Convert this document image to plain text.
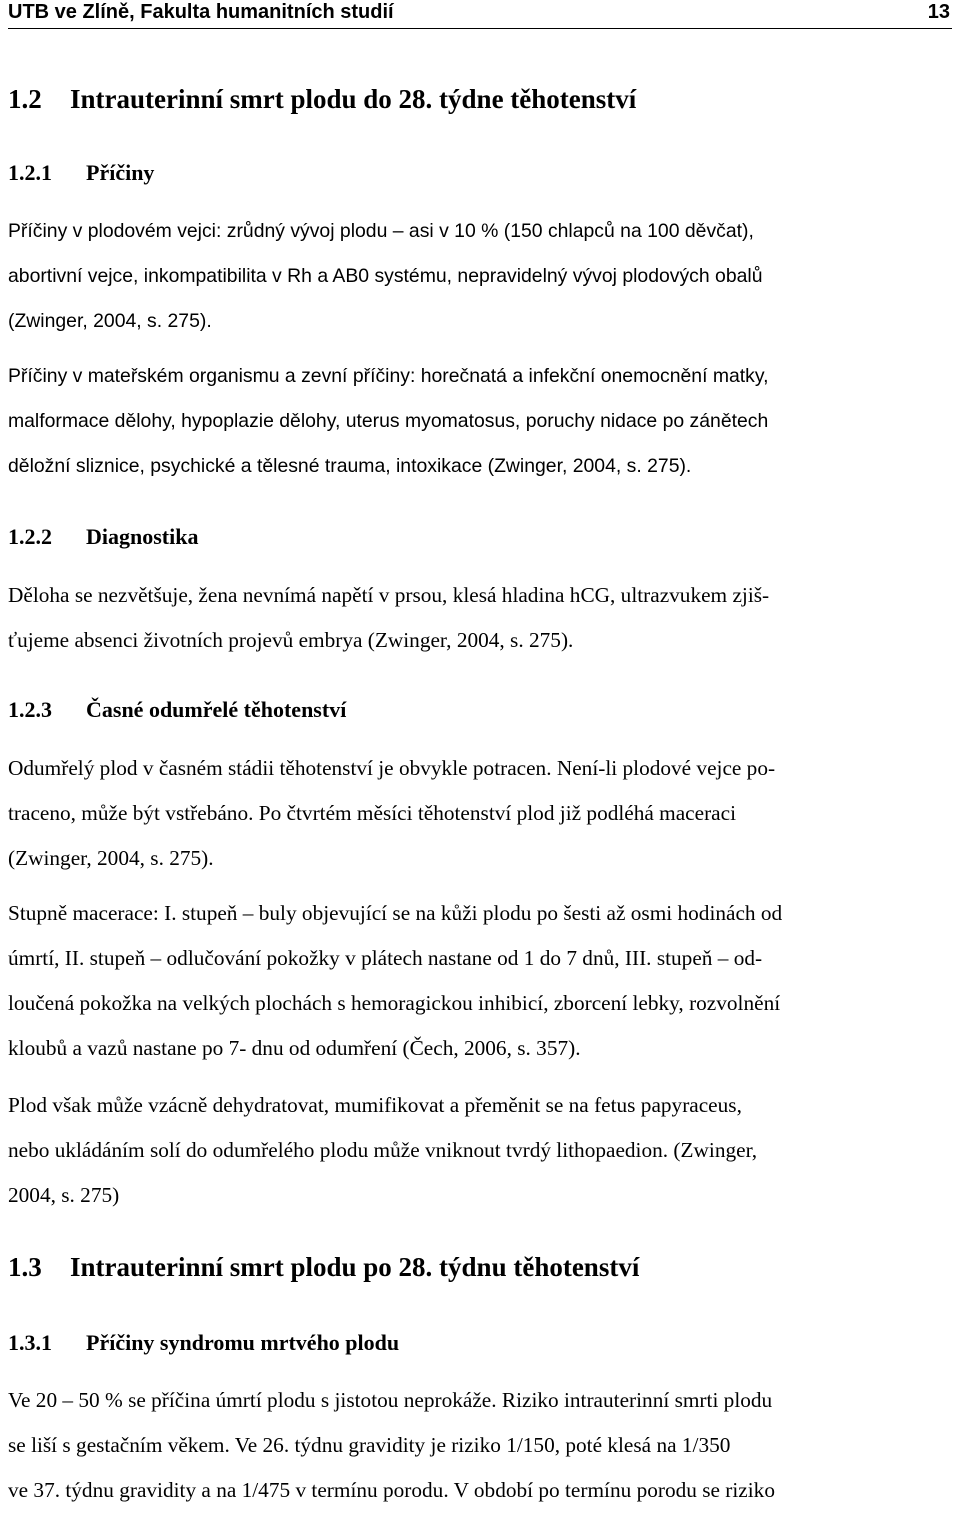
UTB ve Zlíně, Fakulta humanitních studií	13
1.2 Intrauterinní smrt plodu do 28. týdne těhotenství
1.2.1 Příčiny
Příčiny v plodovém vejci: zrůdný vývoj plodu – asi v 10 % (150 chlapců na 100 děvčat),
abortivní vejce, inkompatibilita v Rh a AB0 systému, nepravidelný vývoj plodových obalů
(Zwinger, 2004, s. 275).
Příčiny v mateřském organismu a zevní příčiny: horečnatá a infekční onemocnění matky,
malformace dělohy, hypoplazie dělohy, uterus myomatosus, poruchy nidace po zánětech
děložní sliznice, psychické a tělesné trauma, intoxikace (Zwinger, 2004, s. 275).
1.2.2 Diagnostika
Děloha se nezvětšuje, žena nevnímá napětí v prsou, klesá hladina hCG, ultrazvukem zjiš-
ťujeme absenci životních projevů embrya (Zwinger, 2004, s. 275).
1.2.3 Časné odumřelé těhotenství
Odumřelý plod v časném stádii těhotenství je obvykle potracen. Není-li plodové vejce po-
traceno, může být vstřebáno. Po čtvrtém měsíci těhotenství plod již podléhá maceraci
(Zwinger, 2004, s. 275).
Stupně macerace: I. stupeň – buly objevující se na kůži plodu po šesti až osmi hodinách od
úmrtí, II. stupeň – odlučování pokožky v plátech nastane od 1 do 7 dnů, III. stupeň – od-
loučená pokožka na velkých plochách s hemoragickou inhibicí, zborcení lebky, rozvolnění
kloubů a vazů nastane po 7- dnu od odumření (Čech, 2006, s. 357).
Plod však může vzácně dehydratovat, mumifikovat a přeměnit se na fetus papyraceus,
nebo ukládáním solí do odumřelého plodu může vniknout tvrdý lithopaedion. (Zwinger,
2004, s. 275)
1.3 Intrauterinní smrt plodu po 28. týdnu těhotenství
1.3.1 Příčiny syndromu mrtvého plodu
Ve 20 – 50 % se příčina úmrtí plodu s jistotou neprokáže. Riziko intrauterinní smrti plodu
se liší s gestačním věkem. Ve 26. týdnu gravidity je riziko 1/150, poté klesá na 1/350
ve 37. týdnu gravidity a na 1/475 v termínu porodu. V období po termínu porodu se riziko
